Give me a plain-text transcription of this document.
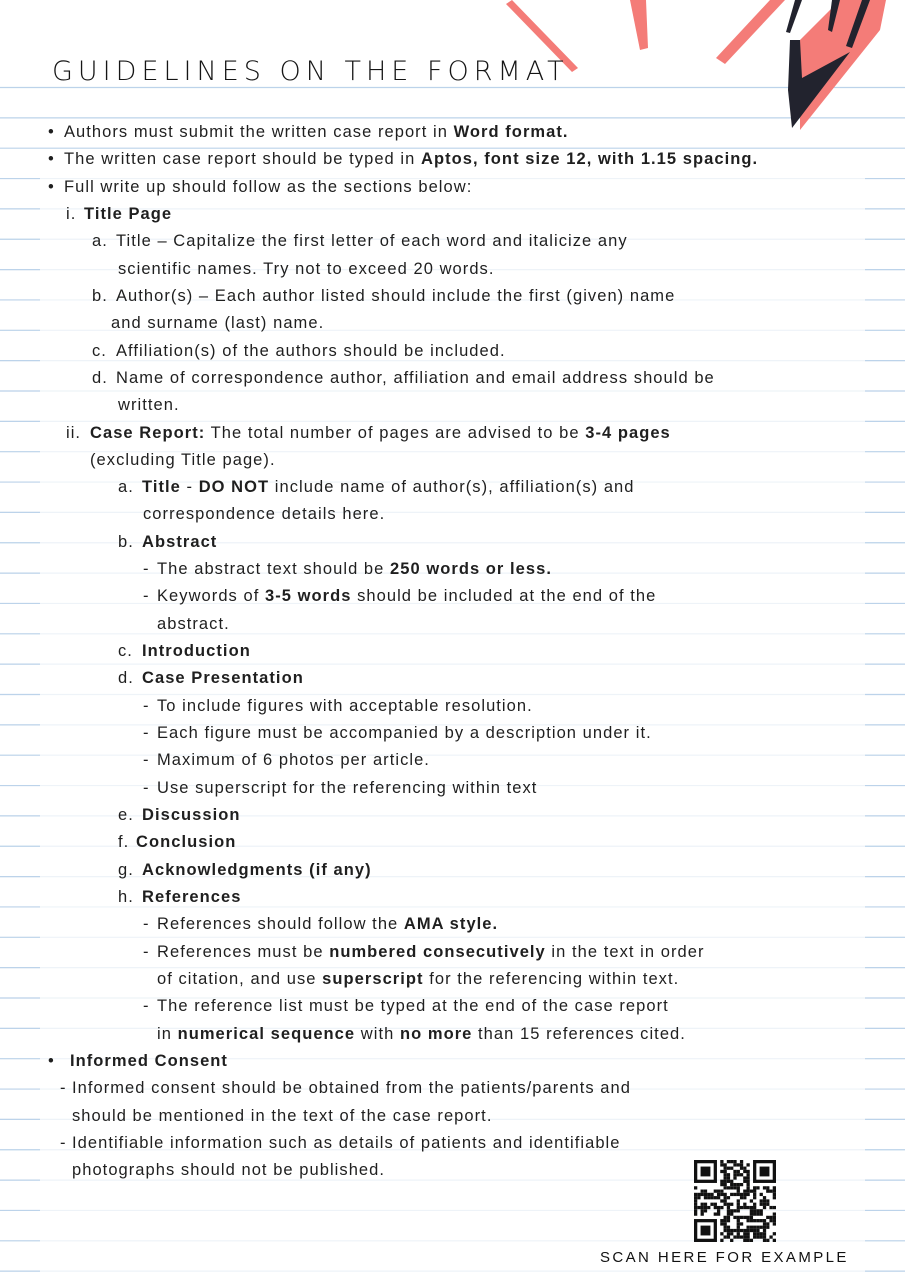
GUIDELINES ON THE FORMAT
• Authors must submit the written case report in Word format.
• The written case report should be typed in Aptos, font size 12, with 1.15 spacing.
• Full write up should follow as the sections below:
i. Title Page
a. Title – Capitalize the first letter of each word and italicize any
scientific names. Try not to exceed 20 words.
b. Author(s) – Each author listed should include the first (given) name
and surname (last) name.
c. Affiliation(s) of the authors should be included.
d. Name of correspondence author, affiliation and email address should be
written.
ii. Case Report: The total number of pages are advised to be 3-4 pages
(excluding Title page).
a. Title - DO NOT include name of author(s), affiliation(s) and
correspondence details here.
b. Abstract
- The abstract text should be 250 words or less.
- Keywords of 3-5 words should be included at the end of the
abstract.
c. Introduction
d. Case Presentation
- To include figures with acceptable resolution.
- Each figure must be accompanied by a description under it.
- Maximum of 6 photos per article.
- Use superscript for the referencing within text
e. Discussion
f. Conclusion
g. Acknowledgments (if any)
h. References
- References should follow the AMA style.
- References must be numbered consecutively in the text in order
of citation, and use superscript for the referencing within text.
- The reference list must be typed at the end of the case report
in numerical sequence with no more than 15 references cited.
• Informed Consent
- Informed consent should be obtained from the patients/parents and
should be mentioned in the text of the case report.
- Identifiable information such as details of patients and identifiable
photographs should not be published.
SCAN HERE FOR EXAMPLE
